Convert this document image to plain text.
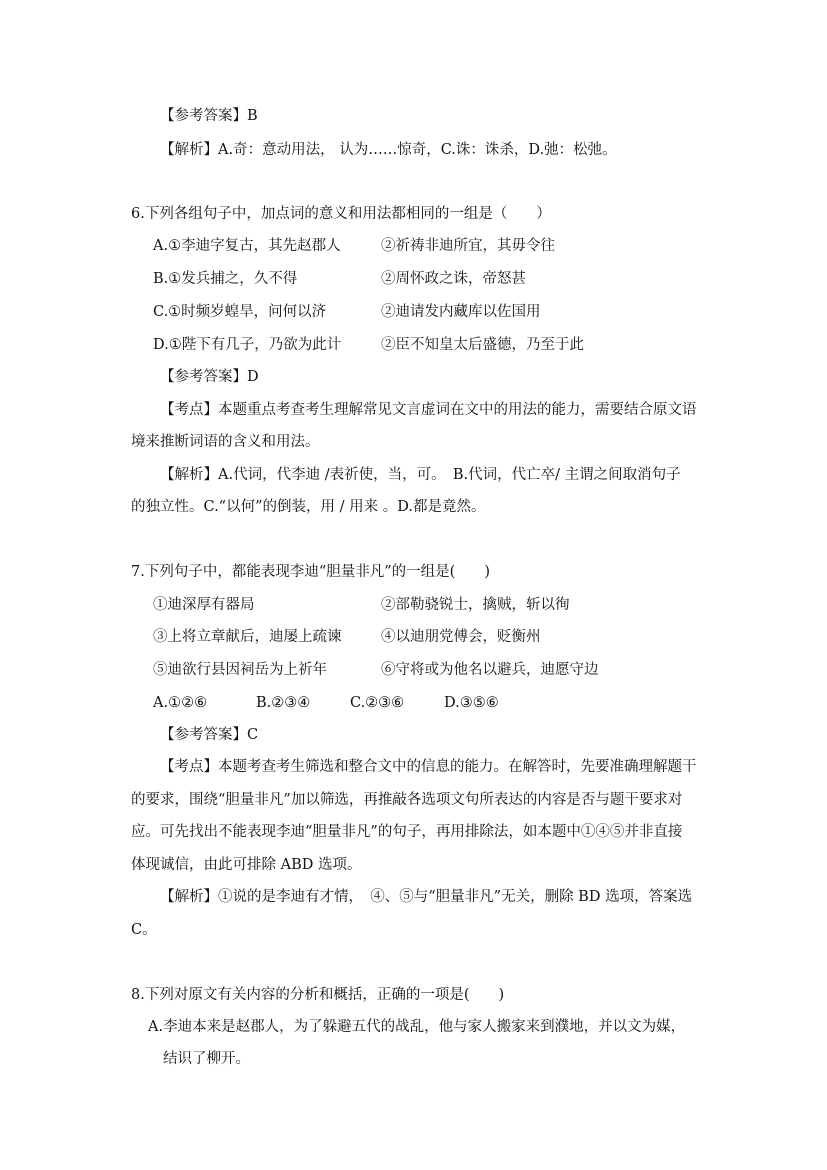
【参考答案】B
【解析】A.奇：意动用法， 认为……惊奇，C.诛：诛杀，D.弛：松弛。
6.下列各组句子中，加点词的意义和用法都相同的一组是（　　）
A.①李迪字复古，其先赵郡人	②祈祷非迪所宜，其毋令往
B.①发兵捕之，久不得	②周怀政之诛，帝怒甚
C.①时频岁蝗旱，问何以济	②迪请发内藏库以佐国用
D.①陛下有几子，乃欲为此计	②臣不知皇太后盛德，乃至于此
【参考答案】D
【考点】本题重点考查考生理解常见文言虚词在文中的用法的能力，需要结合原文语
境来推断词语的含义和用法。
【解析】A.代词，代李迪 /表祈使，当，可。　B.代词，代亡卒/ 主谓之间取消句子
的独立性。C.“以何”的倒装，用 / 用来 。D.都是竟然。
7.下列句子中，都能表现李迪“胆量非凡”的一组是(　　)
①迪深厚有器局	②部勒骁锐士，擒贼，斩以徇
③上将立章献后，迪屡上疏谏	④以迪朋党傅会，贬衡州
⑤迪欲行县因祠岳为上祈年	⑥守将或为他名以避兵，迪愿守边
A.①②⑥	B.②③④	C.②③⑥	D.③⑤⑥
【参考答案】C
【考点】本题考查考生筛选和整合文中的信息的能力。在解答时，先要准确理解题干
的要求，围绕“胆量非凡”加以筛选，再推敲各选项文句所表达的内容是否与题干要求对
应。可先找出不能表现李迪“胆量非凡”的句子，再用排除法，如本题中①④⑤并非直接
体现诚信，由此可排除 ABD 选项。
【解析】①说的是李迪有才情，　④、⑤与“胆量非凡”无关，删除 BD 选项，答案选
C。
8.下列对原文有关内容的分析和概括，正确的一项是(　　)
A.李迪本来是赵郡人，为了躲避五代的战乱，他与家人搬家来到濮地，并以文为媒，
结识了柳开。
